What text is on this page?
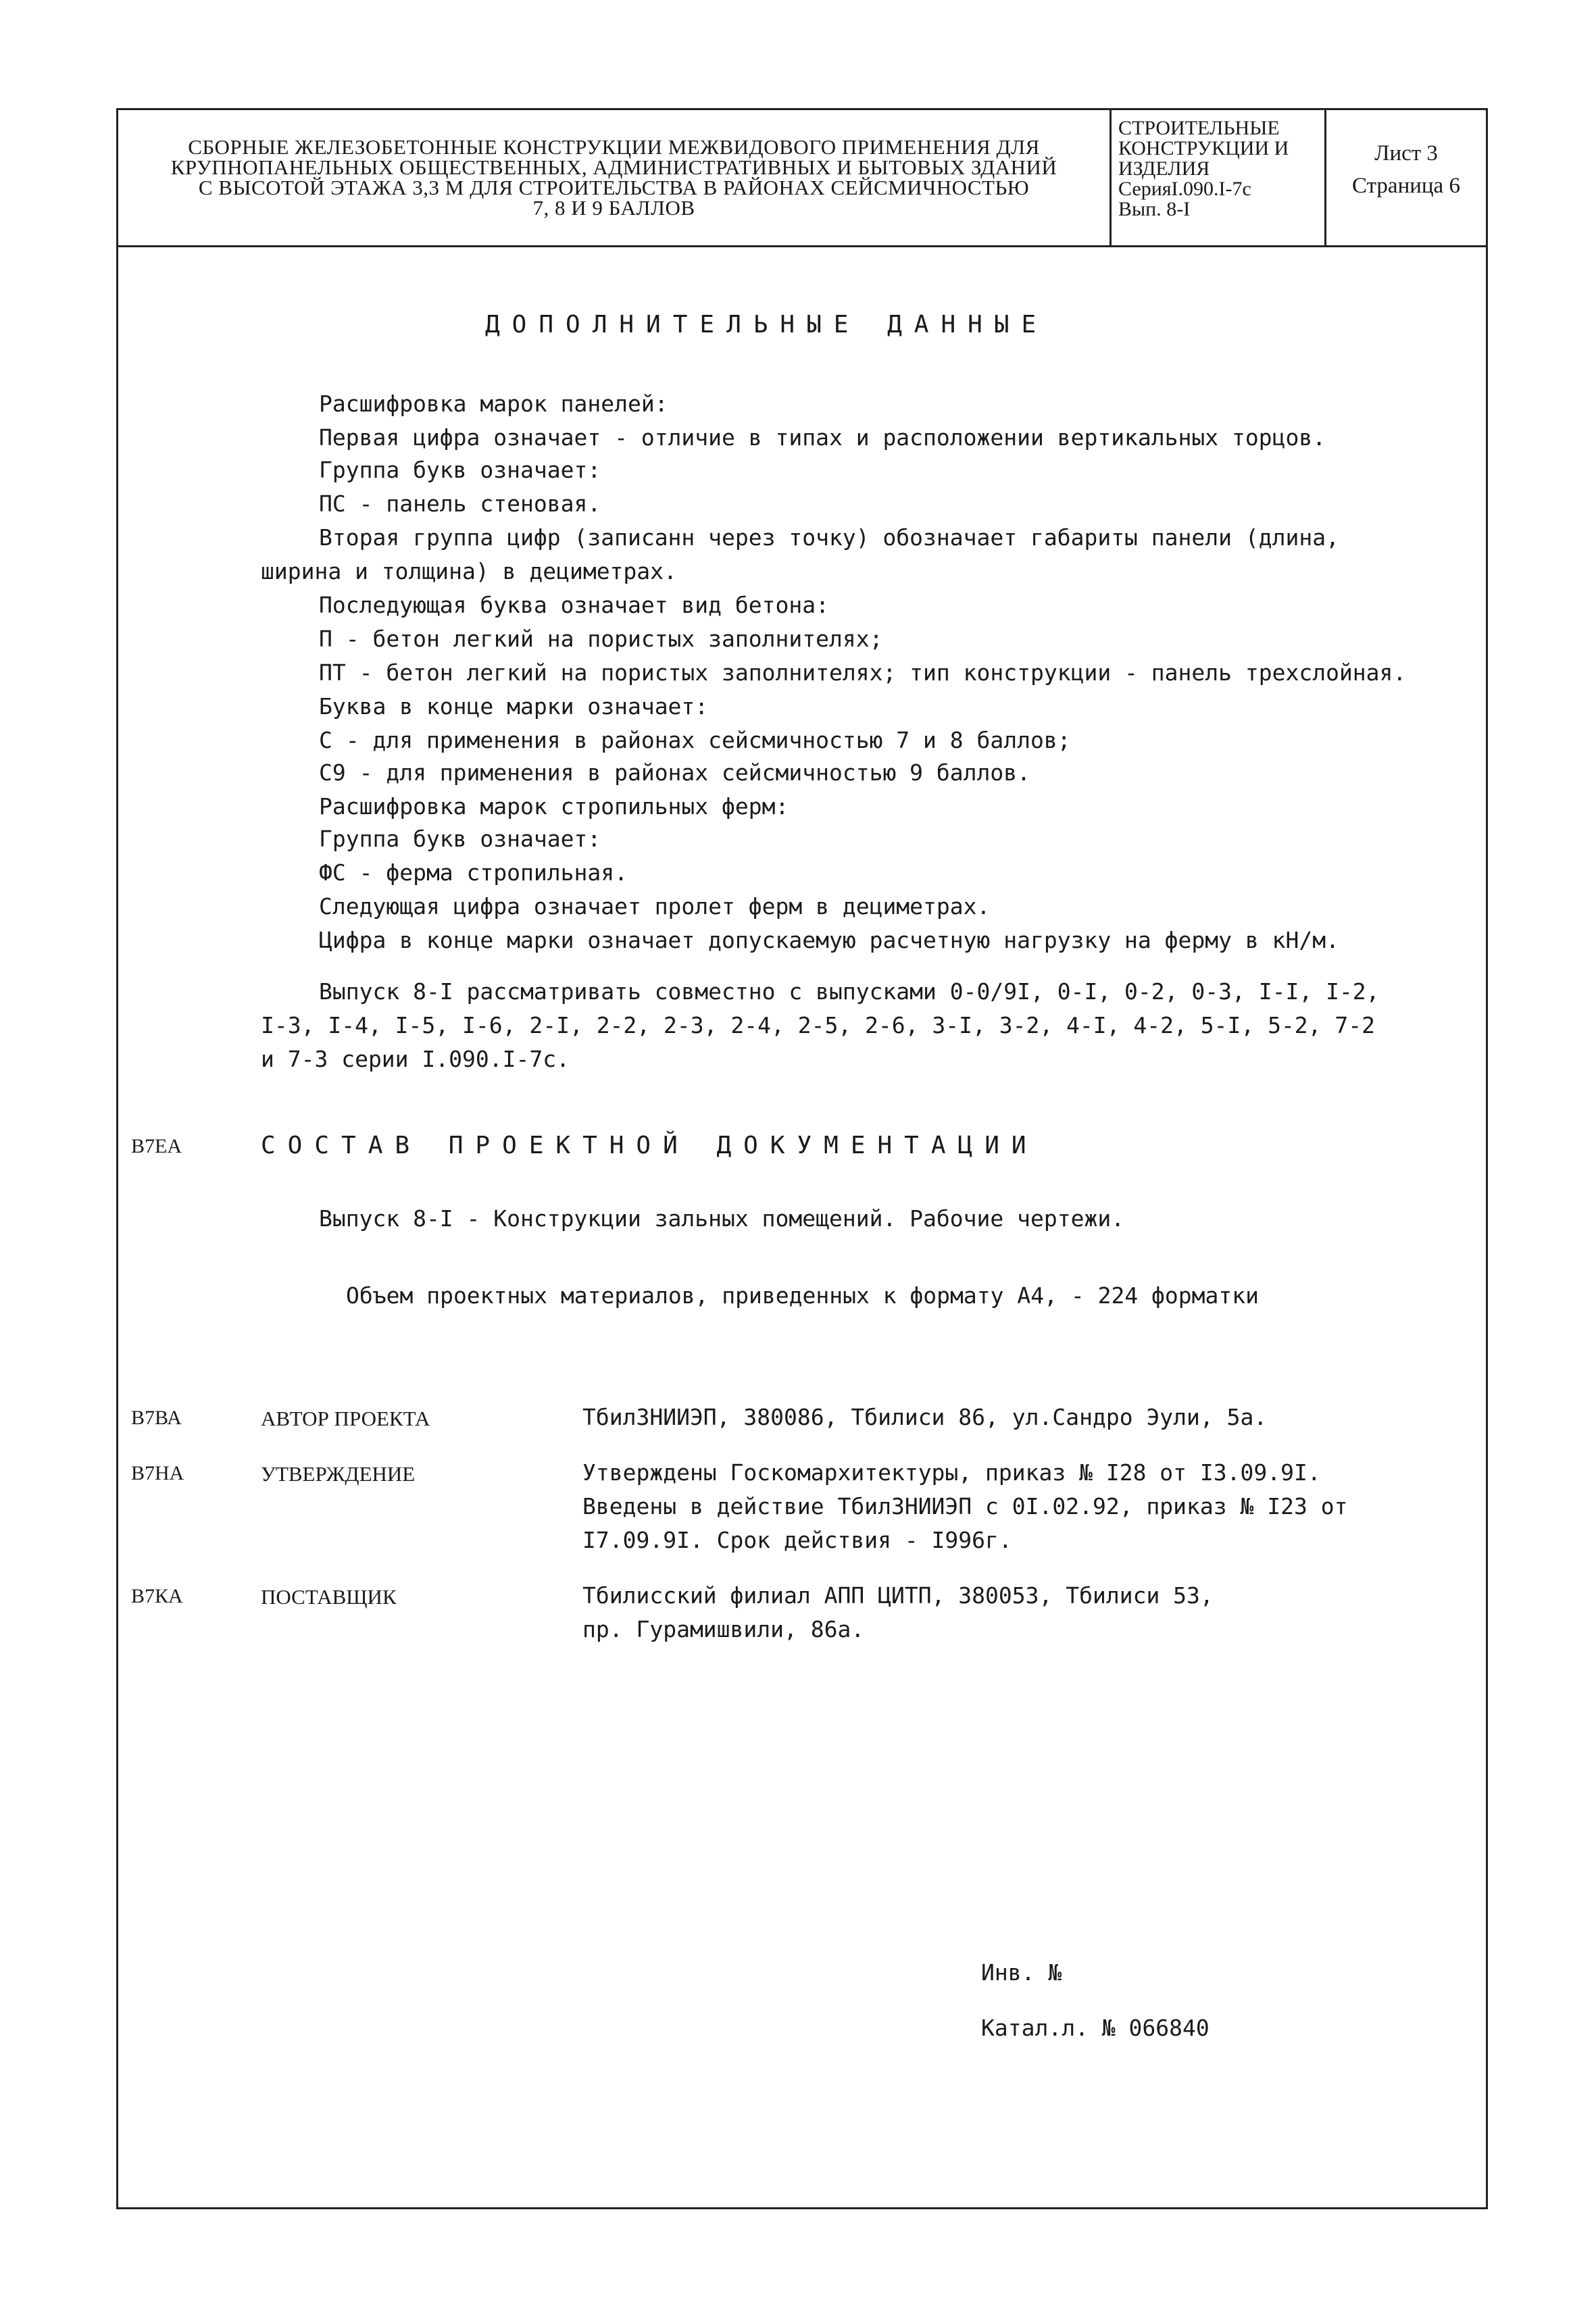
СБОРНЫЕ ЖЕЛЕЗОБЕТОННЫЕ КОНСТРУКЦИИ МЕЖВИДОВОГО ПРИМЕНЕНИЯ ДЛЯ
КРУПНОПАНЕЛЬНЫХ ОБЩЕСТВЕННЫХ, АДМИНИСТРАТИВНЫХ И БЫТОВЫХ ЗДАНИЙ
С ВЫСОТОЙ ЭТАЖА 3,3 М ДЛЯ СТРОИТЕЛЬСТВА В РАЙОНАХ СЕЙСМИЧНОСТЬЮ
7, 8 И 9 БАЛЛОВ
СТРОИТЕЛЬНЫЕ
КОНСТРУКЦИИ И
ИЗДЕЛИЯ
СерияI.090.I-7с
Вып. 8-I
Лист 3
Страница 6
ДОПОЛНИТЕЛЬНЫЕ ДАННЫЕ
Расшифровка марок панелей:
Первая цифра означает - отличие в типах и расположении вертикальных торцов.
Группа букв означает:
ПС - панель стеновая.
Вторая группа цифр (записанн через точку) обозначает габариты панели (длина,
ширина и толщина) в дециметрах.
Последующая буква означает вид бетона:
П - бетон легкий на пористых заполнителях;
ПТ - бетон легкий на пористых заполнителях; тип конструкции - панель трехслойная.
Буква в конце марки означает:
С - для применения в районах сейсмичностью 7 и 8 баллов;
С9 - для применения в районах сейсмичностью 9 баллов.
Расшифровка марок стропильных ферм:
Группа букв означает:
ФС - ферма стропильная.
Следующая цифра означает пролет ферм в дециметрах.
Цифра в конце марки означает допускаемую расчетную нагрузку на ферму в кН/м.
Выпуск 8-I рассматривать совместно с выпусками 0-0/9I, 0-I, 0-2, 0-3, I-I, I-2,
I-3, I-4, I-5, I-6, 2-I, 2-2, 2-3, 2-4, 2-5, 2-6, 3-I, 3-2, 4-I, 4-2, 5-I, 5-2, 7-2
и 7-3 серии I.090.I-7с.
В7ЕА	СОСТАВ ПРОЕКТНОЙ ДОКУМЕНТАЦИИ
Выпуск 8-I - Конструкции зальных помещений. Рабочие чертежи.
Объем проектных материалов, приведенных к формату А4, - 224 форматки
В7ВА	АВТОР ПРОЕКТА	ТбилЗНИИЭП, 380086, Тбилиси 86, ул.Сандро Эули, 5а.
В7НА	УТВЕРЖДЕНИЕ	Утверждены Госкомархитектуры, приказ № I28 от I3.09.9I.
Введены в действие ТбилЗНИИЭП с 0I.02.92, приказ № I23 от
I7.09.9I. Срок действия - I996г.
В7КА	ПОСТАВЩИК	Тбилисский филиал АПП ЦИТП, 380053, Тбилиси 53,
пр. Гурамишвили, 86а.
Инв. №
Катал.л. № 066840
